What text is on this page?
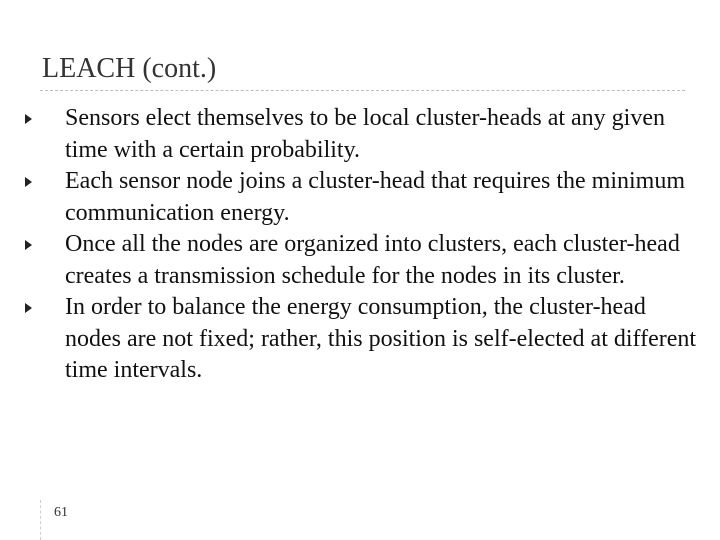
LEACH (cont.)
Sensors elect themselves to be local cluster-heads at any given time with a certain probability.
Each sensor node joins a cluster-head that requires the minimum communication energy.
Once all the nodes are organized into clusters, each cluster-head creates a transmission schedule for the nodes in its cluster.
In order to balance the energy consumption, the cluster-head nodes are not fixed; rather, this position is self-elected at different time intervals.
61
